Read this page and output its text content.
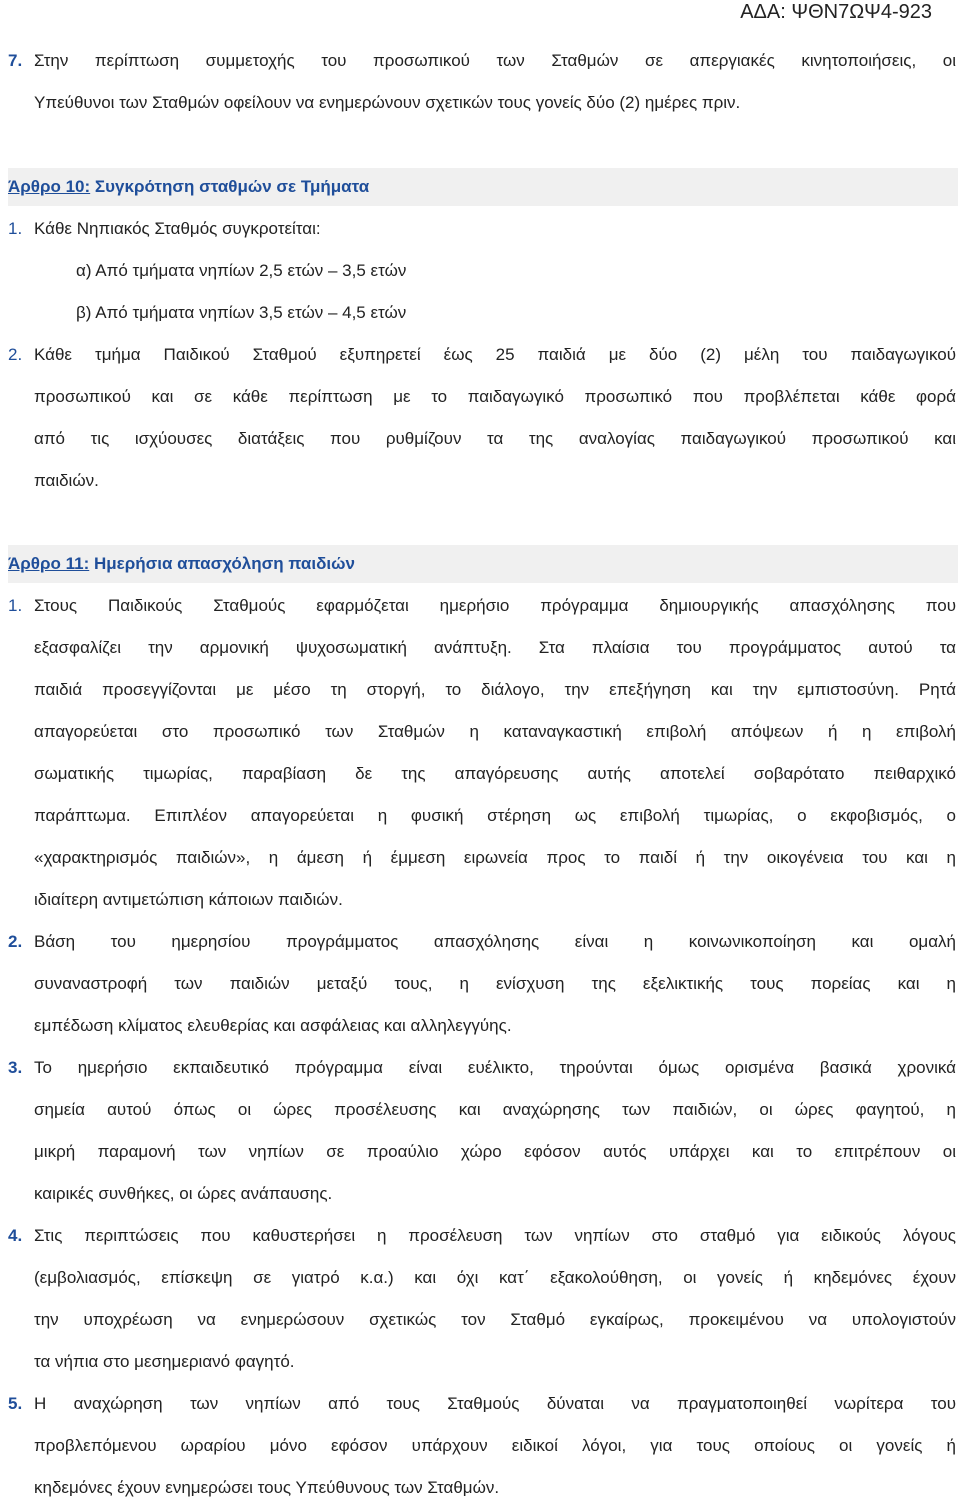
ΑΔΑ: ΨΘΝ7ΩΨ4-923
7. Στην περίπτωση συμμετοχής του προσωπικού των Σταθμών σε απεργιακές κινητοποιήσεις, οι
Υπεύθυνοι των Σταθμών οφείλουν να ενημερώνουν σχετικών τους γονείς δύο (2) ημέρες πριν.
Άρθρο 10: Συγκρότηση σταθμών σε Τμήματα
1. Κάθε Νηπιακός Σταθμός συγκροτείται:
α) Από τμήματα νηπίων 2,5 ετών – 3,5 ετών
β) Από τμήματα νηπίων 3,5 ετών – 4,5 ετών
2. Κάθε τμήμα Παιδικού Σταθμού εξυπηρετεί έως 25 παιδιά με δύο (2) μέλη του παιδαγωγικού
προσωπικού και σε κάθε περίπτωση με το παιδαγωγικό προσωπικό που προβλέπεται κάθε φορά
από τις ισχύουσες διατάξεις που ρυθμίζουν τα της αναλογίας παιδαγωγικού προσωπικού και
παιδιών.
Άρθρο 11: Ημερήσια απασχόληση παιδιών
1. Στους Παιδικούς Σταθμούς εφαρμόζεται ημερήσιο πρόγραμμα δημιουργικής απασχόλησης που
εξασφαλίζει την αρμονική ψυχοσωματική ανάπτυξη. Στα πλαίσια του προγράμματος αυτού τα
παιδιά προσεγγίζονται με μέσο τη στοργή, το διάλογο, την επεξήγηση και την εμπιστοσύνη. Ρητά
απαγορεύεται στο προσωπικό των Σταθμών η καταναγκαστική επιβολή απόψεων ή η επιβολή
σωματικής τιμωρίας, παραβίαση δε της απαγόρευσης αυτής αποτελεί σοβαρότατο πειθαρχικό
παράπτωμα. Επιπλέον απαγορεύεται η φυσική στέρηση ως επιβολή τιμωρίας, ο εκφοβισμός, ο
«χαρακτηρισμός παιδιών», η άμεση ή έμμεση ειρωνεία προς το παιδί ή την οικογένεια του και η
ιδιαίτερη αντιμετώπιση κάποιων παιδιών.
2. Βάση του ημερησίου προγράμματος απασχόλησης είναι η κοινωνικοποίηση και ομαλή
συναναστροφή των παιδιών μεταξύ τους, η ενίσχυση της εξελικτικής τους πορείας και η
εμπέδωση κλίματος ελευθερίας και ασφάλειας και αλληλεγγύης.
3. Το ημερήσιο εκπαιδευτικό πρόγραμμα είναι ευέλικτο, τηρούνται όμως ορισμένα βασικά χρονικά
σημεία αυτού όπως οι ώρες προσέλευσης και αναχώρησης των παιδιών, οι ώρες φαγητού, η
μικρή παραμονή των νηπίων σε προαύλιο χώρο εφόσον αυτός υπάρχει και το επιτρέπουν οι
καιρικές συνθήκες, οι ώρες ανάπαυσης.
4. Στις περιπτώσεις που καθυστερήσει η προσέλευση των νηπίων στο σταθμό για ειδικούς λόγους
(εμβολιασμός, επίσκεψη σε γιατρό κ.α.) και όχι κατ΄ εξακολούθηση, οι γονείς ή κηδεμόνες έχουν
την υποχρέωση να ενημερώσουν σχετικώς τον Σταθμό εγκαίρως, προκειμένου να υπολογιστούν
τα νήπια στο μεσημεριανό φαγητό.
5. Η αναχώρηση των νηπίων από τους Σταθμούς δύναται να πραγματοποιηθεί νωρίτερα του
προβλεπόμενου ωραρίου μόνο εφόσον υπάρχουν ειδικοί λόγοι, για τους οποίους οι γονείς ή
κηδεμόνες έχουν ενημερώσει τους Υπεύθυνους των Σταθμών.
